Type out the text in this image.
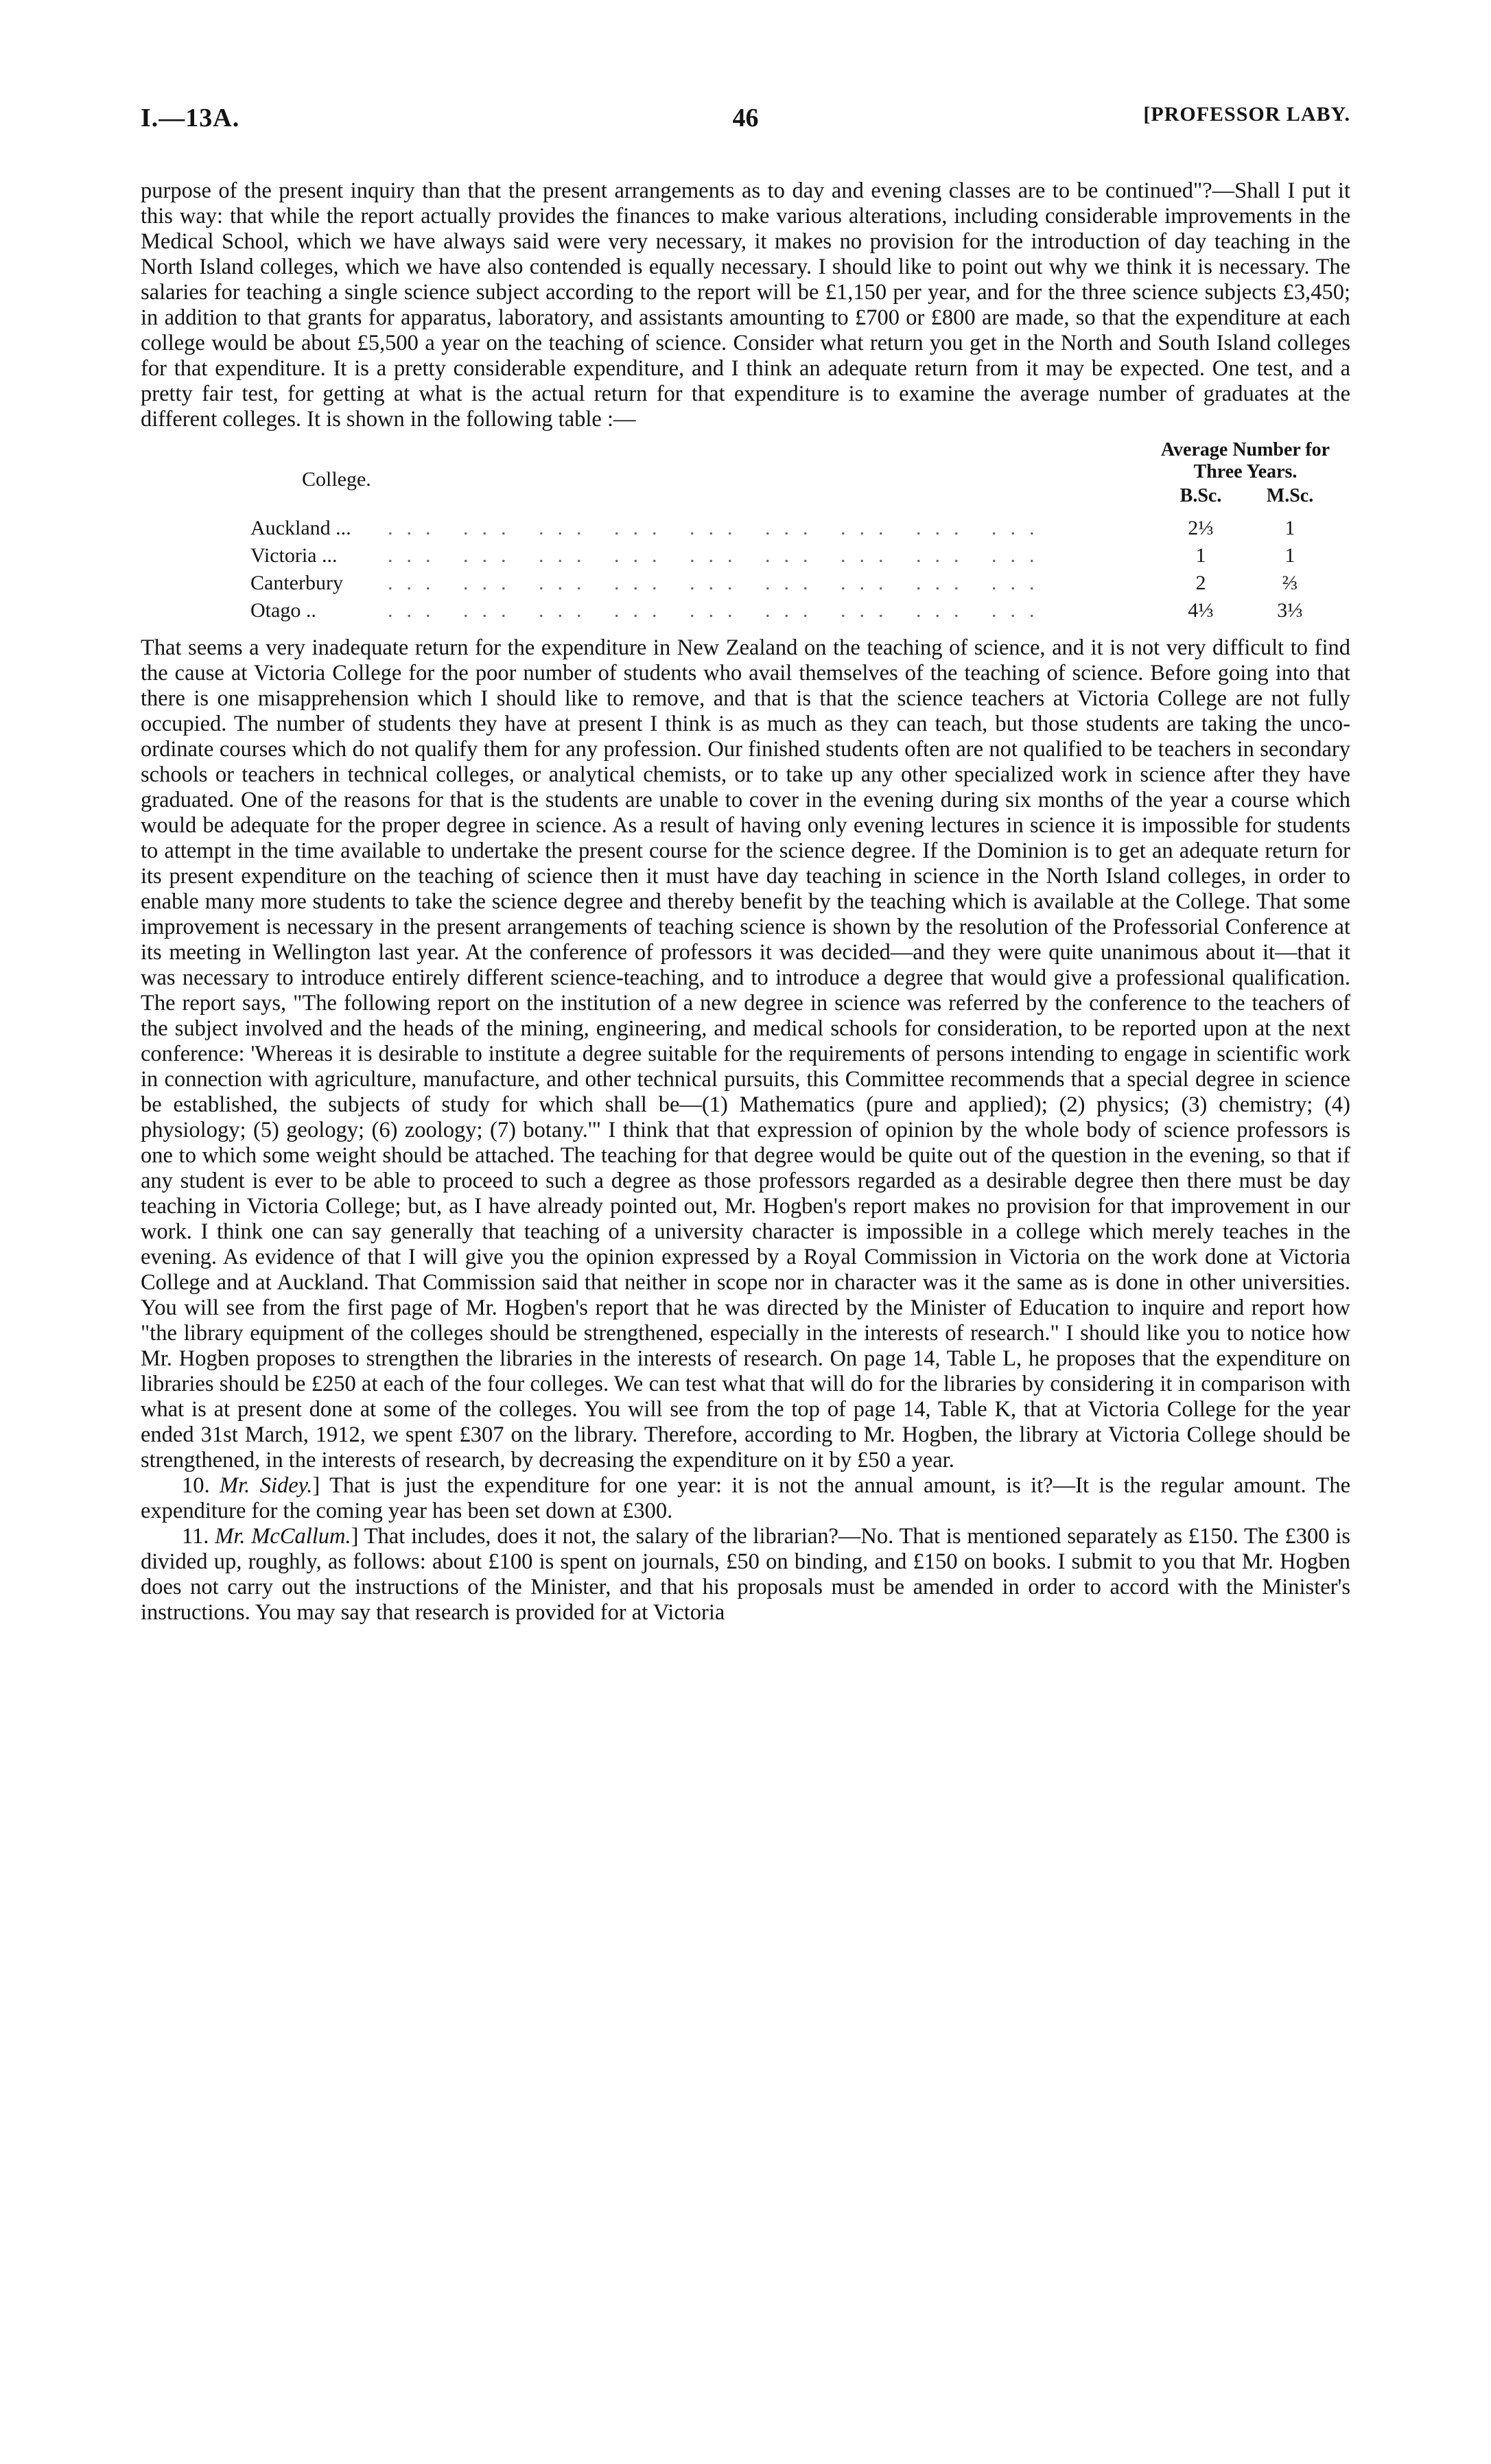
I.—13A.	46	[PROFESSOR LABY.

purpose of the present inquiry than that the present arrangements as to day and evening classes are to be continued"?—Shall I put it this way: that while the report actually provides the finances to make various alterations, including considerable improvements in the Medical School, which we have always said were very necessary, it makes no provision for the introduction of day teaching in the North Island colleges, which we have also contended is equally necessary. I should like to point out why we think it is necessary. The salaries for teaching a single science subject according to the report will be £1,150 per year, and for the three science subjects £3,450; in addition to that grants for apparatus, laboratory, and assistants amounting to £700 or £800 are made, so that the expenditure at each college would be about £5,500 a year on the teaching of science. Consider what return you get in the North and South Island colleges for that expenditure. It is a pretty considerable expenditure, and I think an adequate return from it may be expected. One test, and a pretty fair test, for getting at what is the actual return for that expenditure is to examine the average number of graduates at the different colleges. It is shown in the following table :—

College.
Average Number for
Three Years.
B.Sc. M.Sc.
Auckland ... ... ... ... ... ... ... ... ... ...	2⅓	1
Victoria ... ... ... ... ... ... ... ... ... ...	1	1
Canterbury ... ... ... ... ... ... ... ... ...	2	⅔
Otago ..	... ... ... ... ... ... ... ... ...	4⅓	3⅓

That seems a very inadequate return for the expenditure in New Zealand on the teaching of science, and it is not very difficult to find the cause at Victoria College for the poor number of students who avail themselves of the teaching of science. Before going into that there is one misapprehension which I should like to remove, and that is that the science teachers at Victoria College are not fully occupied. The number of students they have at present I think is as much as they can teach, but those students are taking the unco-ordinate courses which do not qualify them for any profession. Our finished students often are not qualified to be teachers in secondary schools or teachers in technical colleges, or analytical chemists, or to take up any other specialized work in science after they have graduated. One of the reasons for that is the students are unable to cover in the evening during six months of the year a course which would be adequate for the proper degree in science. As a result of having only evening lectures in science it is impossible for students to attempt in the time available to undertake the present course for the science degree. If the Dominion is to get an adequate return for its present expenditure on the teaching of science then it must have day teaching in science in the North Island colleges, in order to enable many more students to take the science degree and thereby benefit by the teaching which is available at the College. That some improvement is necessary in the present arrangements of teaching science is shown by the resolution of the Professorial Conference at its meeting in Wellington last year. At the conference of professors it was decided—and they were quite unanimous about it—that it was necessary to introduce entirely different science-teaching, and to introduce a degree that would give a professional qualification. The report says, "The following report on the institution of a new degree in science was referred by the conference to the teachers of the subject involved and the heads of the mining, engineering, and medical schools for consideration, to be reported upon at the next conference: 'Whereas it is desirable to institute a degree suitable for the requirements of persons intending to engage in scientific work in connection with agriculture, manufacture, and other technical pursuits, this Committee recommends that a special degree in science be established, the subjects of study for which shall be—(1) Mathematics (pure and applied); (2) physics; (3) chemistry; (4) physiology; (5) geology; (6) zoology; (7) botany.'" I think that that expression of opinion by the whole body of science professors is one to which some weight should be attached. The teaching for that degree would be quite out of the question in the evening, so that if any student is ever to be able to proceed to such a degree as those professors regarded as a desirable degree then there must be day teaching in Victoria College; but, as I have already pointed out, Mr. Hogben's report makes no provision for that improvement in our work. I think one can say generally that teaching of a university character is impossible in a college which merely teaches in the evening. As evidence of that I will give you the opinion expressed by a Royal Commission in Victoria on the work done at Victoria College and at Auckland. That Commission said that neither in scope nor in character was it the same as is done in other universities. You will see from the first page of Mr. Hogben's report that he was directed by the Minister of Education to inquire and report how "the library equipment of the colleges should be strengthened, especially in the interests of research." I should like you to notice how Mr. Hogben proposes to strengthen the libraries in the interests of research. On page 14, Table L, he proposes that the expenditure on libraries should be £250 at each of the four colleges. We can test what that will do for the libraries by considering it in comparison with what is at present done at some of the colleges. You will see from the top of page 14, Table K, that at Victoria College for the year ended 31st March, 1912, we spent £307 on the library. Therefore, according to Mr. Hogben, the library at Victoria College should be strengthened, in the interests of research, by decreasing the expenditure on it by £50 a year.

10. Mr. Sidey.] That is just the expenditure for one year: it is not the annual amount, is it?—It is the regular amount. The expenditure for the coming year has been set down at £300.

11. Mr. McCallum.] That includes, does it not, the salary of the librarian?—No. That is mentioned separately as £150. The £300 is divided up, roughly, as follows: about £100 is spent on journals, £50 on binding, and £150 on books. I submit to you that Mr. Hogben does not carry out the instructions of the Minister, and that his proposals must be amended in order to accord with the Minister's instructions. You may say that research is provided for at Victoria
